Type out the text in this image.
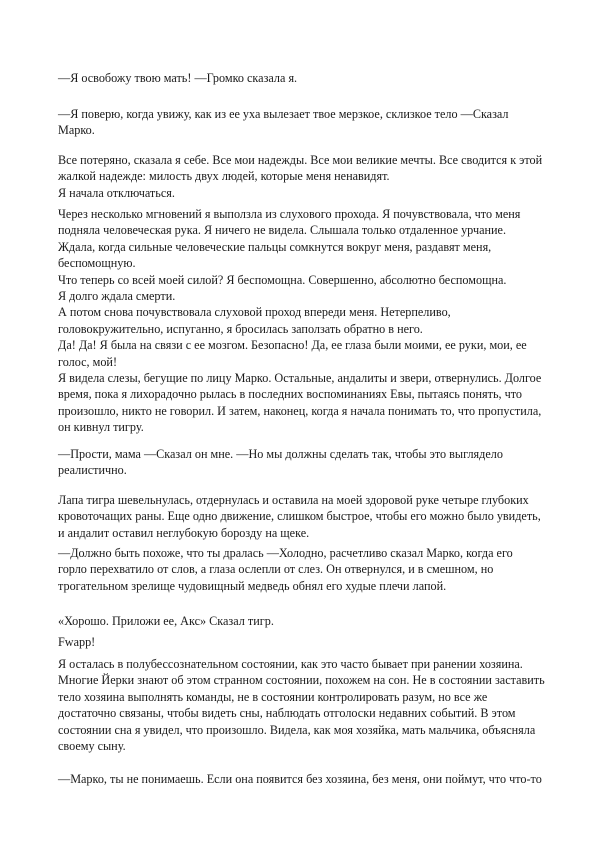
—Я освобожу твою мать! —Громко сказала я.
—Я поверю, когда увижу, как из ее уха вылезает твое мерзкое, склизкое тело —Сказал
Марко.
Все потеряно, сказала я себе. Все мои надежды. Все мои великие мечты. Все сводится к этой
жалкой надежде: милость двух людей, которые меня ненавидят.
Я начала отключаться.
Через несколько мгновений я выползла из слухового прохода. Я почувствовала, что меня
подняла человеческая рука. Я ничего не видела. Слышала только отдаленное урчание.
Ждала, когда сильные человеческие пальцы сомкнутся вокруг меня, раздавят меня,
беспомощную.
Что теперь со всей моей силой? Я беспомощна. Совершенно, абсолютно беспомощна.
Я долго ждала смерти.
А потом снова почувствовала слуховой проход впереди меня. Нетерпеливо,
головокружительно, испуганно, я бросилась заползать обратно в него.
Да! Да! Я была на связи с ее мозгом. Безопасно! Да, ее глаза были моими, ее руки, мои, ее
голос, мой!
Я видела слезы, бегущие по лицу Марко. Остальные, андалиты и звери, отвернулись. Долгое
время, пока я лихорадочно рылась в последних воспоминаниях Евы, пытаясь понять, что
произошло, никто не говорил. И затем, наконец, когда я начала понимать то, что пропустила,
он кивнул тигру.
—Прости, мама —Сказал он мне. —Но мы должны сделать так, чтобы это выглядело
реалистично.
Лапа тигра шевельнулась, отдернулась и оставила на моей здоровой руке четыре глубоких
кровоточащих раны. Еще одно движение, слишком быстрое, чтобы его можно было увидеть,
и андалит оставил неглубокую борозду на щеке.
—Должно быть похоже, что ты дралась —Холодно, расчетливо сказал Марко, когда его
горло перехватило от слов, а глаза ослепли от слез. Он отвернулся, и в смешном, но
трогательном зрелище чудовищный медведь обнял его худые плечи лапой.
«Хорошо. Приложи ее, Акс» Сказал тигр.
Fwapp!
Я осталась в полубессознательном состоянии, как это часто бывает при ранении хозяина.
Многие Йерки знают об этом странном состоянии, похожем на сон. Не в состоянии заставить
тело хозяина выполнять команды, не в состоянии контролировать разум, но все же
достаточно связаны, чтобы видеть сны, наблюдать отголоски недавних событий. В этом
состоянии сна я увидел, что произошло. Видела, как моя хозяйка, мать мальчика, объясняла
своему сыну.
—Марко, ты не понимаешь. Если она появится без хозяина, без меня, они поймут, что что-то
